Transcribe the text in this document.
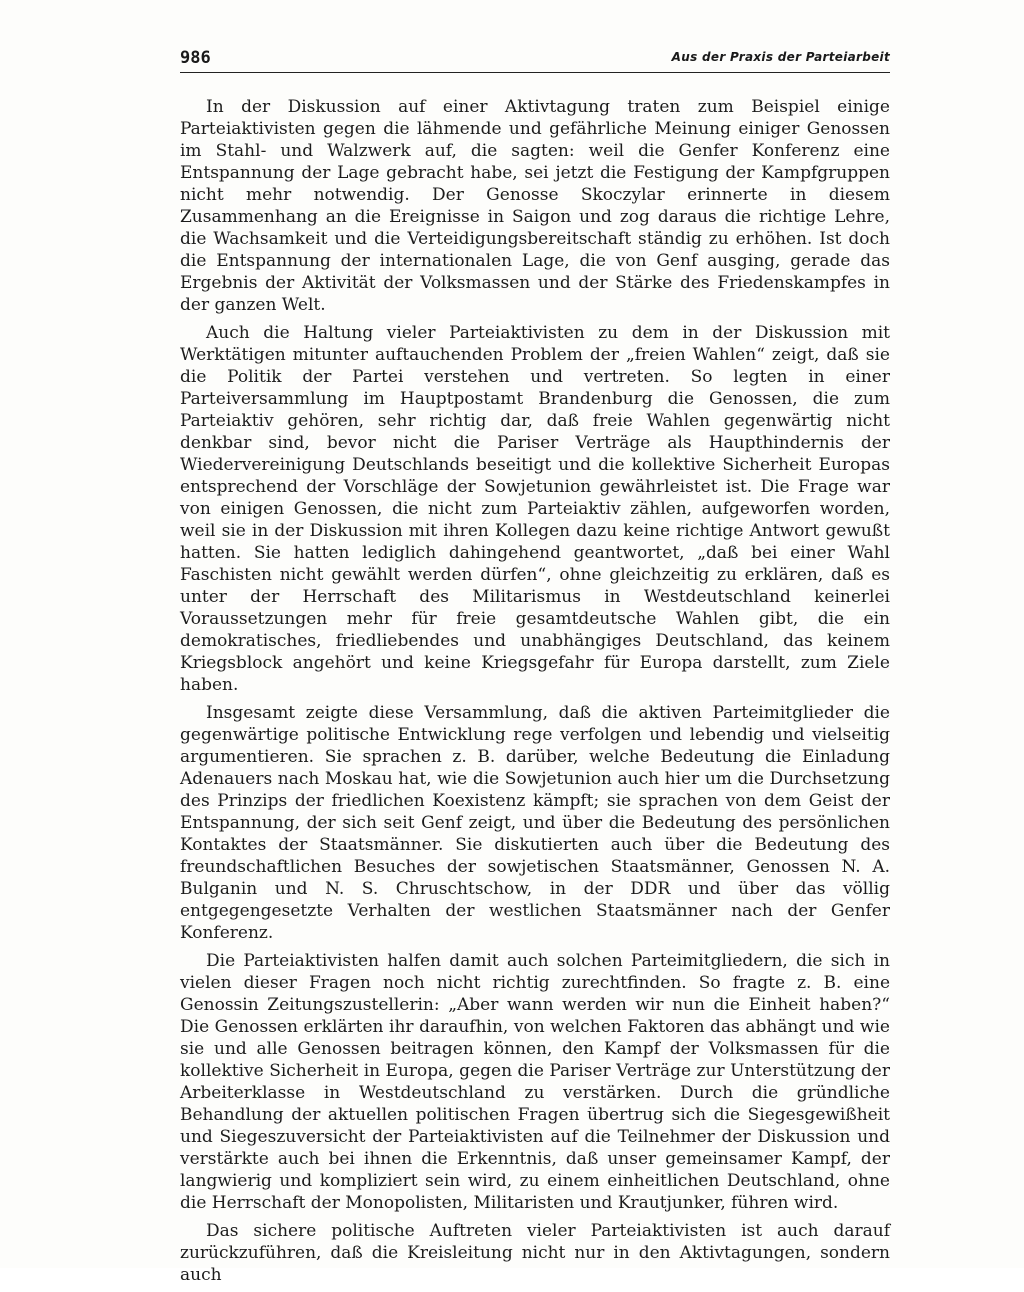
986	Aus der Praxis der Parteiarbeit

In der Diskussion auf einer Aktivtagung traten zum Beispiel einige Parteiaktivisten gegen die lähmende und gefährliche Meinung einiger Genossen im Stahl- und Walzwerk auf, die sagten: weil die Genfer Konferenz eine Entspannung der Lage gebracht habe, sei jetzt die Festigung der Kampfgruppen nicht mehr notwendig. Der Genosse Skoczylar erinnerte in diesem Zusammenhang an die Ereignisse in Saigon und zog daraus die richtige Lehre, die Wachsamkeit und die Verteidigungsbereitschaft ständig zu erhöhen. Ist doch die Entspannung der internationalen Lage, die von Genf ausging, gerade das Ergebnis der Aktivität der Volksmassen und der Stärke des Friedenskampfes in der ganzen Welt.

Auch die Haltung vieler Parteiaktivisten zu dem in der Diskussion mit Werktätigen mitunter auftauchenden Problem der „freien Wahlen“ zeigt, daß sie die Politik der Partei verstehen und vertreten. So legten in einer Parteiversammlung im Hauptpostamt Brandenburg die Genossen, die zum Parteiaktiv gehören, sehr richtig dar, daß freie Wahlen gegenwärtig nicht denkbar sind, bevor nicht die Pariser Verträge als Haupthindernis der Wiedervereinigung Deutschlands beseitigt und die kollektive Sicherheit Europas entsprechend der Vorschläge der Sowjetunion gewährleistet ist. Die Frage war von einigen Genossen, die nicht zum Parteiaktiv zählen, aufgeworfen worden, weil sie in der Diskussion mit ihren Kollegen dazu keine richtige Antwort gewußt hatten. Sie hatten lediglich dahingehend geantwortet, „daß bei einer Wahl Faschisten nicht gewählt werden dürfen“, ohne gleichzeitig zu erklären, daß es unter der Herrschaft des Militarismus in Westdeutschland keinerlei Voraussetzungen mehr für freie gesamtdeutsche Wahlen gibt, die ein demokratisches, friedliebendes und unabhängiges Deutschland, das keinem Kriegsblock angehört und keine Kriegsgefahr für Europa darstellt, zum Ziele haben.

Insgesamt zeigte diese Versammlung, daß die aktiven Parteimitglieder die gegenwärtige politische Entwicklung rege verfolgen und lebendig und vielseitig argumentieren. Sie sprachen z. B. darüber, welche Bedeutung die Einladung Adenauers nach Moskau hat, wie die Sowjetunion auch hier um die Durchsetzung des Prinzips der friedlichen Koexistenz kämpft; sie sprachen von dem Geist der Entspannung, der sich seit Genf zeigt, und über die Bedeutung des persönlichen Kontaktes der Staatsmänner. Sie diskutierten auch über die Bedeutung des freundschaftlichen Besuches der sowjetischen Staatsmänner, Genossen N. A. Bulganin und N. S. Chruschtschow, in der DDR und über das völlig entgegengesetzte Verhalten der westlichen Staatsmänner nach der Genfer Konferenz.

Die Parteiaktivisten halfen damit auch solchen Parteimitgliedern, die sich in vielen dieser Fragen noch nicht richtig zurechtfinden. So fragte z. B. eine Genossin Zeitungszustellerin: „Aber wann werden wir nun die Einheit haben?“ Die Genossen erklärten ihr daraufhin, von welchen Faktoren das abhängt und wie sie und alle Genossen beitragen können, den Kampf der Volksmassen für die kollektive Sicherheit in Europa, gegen die Pariser Verträge zur Unterstützung der Arbeiterklasse in Westdeutschland zu verstärken. Durch die gründliche Behandlung der aktuellen politischen Fragen übertrug sich die Siegesgewißheit und Siegeszuversicht der Parteiaktivisten auf die Teilnehmer der Diskussion und verstärkte auch bei ihnen die Erkenntnis, daß unser gemeinsamer Kampf, der langwierig und kompliziert sein wird, zu einem einheitlichen Deutschland, ohne die Herrschaft der Monopolisten, Militaristen und Krautjunker, führen wird.

Das sichere politische Auftreten vieler Parteiaktivisten ist auch darauf zurückzuführen, daß die Kreisleitung nicht nur in den Aktivtagungen, sondern auch
